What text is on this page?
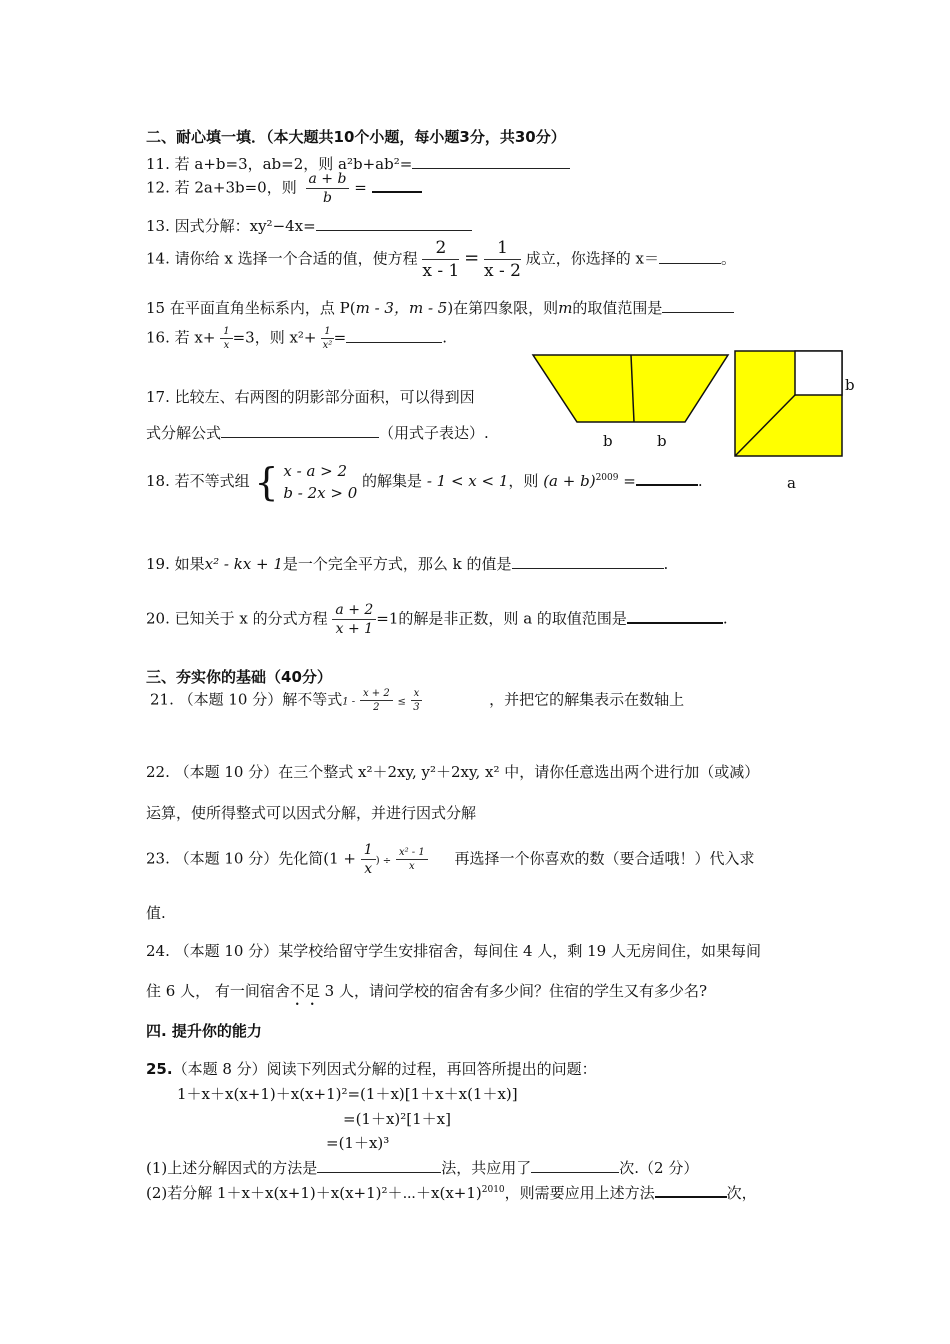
二、耐心填一填．（本大题共10个小题，每小题3分，共30分）
11. 若 a+b=3，ab=2，则 a²b+ab²=
12. 若 2a+3b=0，则 $\frac{a + b}{b}$ =
13. 因式分解：xy²−4x=
14. 请你给 x 选择一个合适的值，使方程 $\frac{2}{x - 1} = \frac{1}{x - 2}$ 成立，你选择的 x＝	。
15 在平面直角坐标系内，点 P(m - 3，m - 5)在第四象限，则m的取值范围是
16. 若 $x+ \frac{1}{x} =3$，则 $x^2+ \frac{1}{\text{x²}}$ =	.
17. 比较左、右两图的阴影部分面积，可以得到因
式分解公式	（用式子表达）.	b	b
b
a
18. 若不等式组 { x - a > 2
b - 2x > 0
的解集是 - 1 < x < 1，则 $(a + b)^{2009}$ =	.
19. 如果x² - kx + 1是一个完全平方式，那么 k 的值是	.
20. 已知关于 x 的分式方程 $\frac{a + 2}{x + 1} =1$的解是非正数，则 a 的取值范围是	.
三、夯实你的基础（40分）
21. （本题 10 分）解不等式$1 - \frac{x + 2}{2} \le \frac{x}{3}$	，并把它的解集表示在数轴上
22. （本题 10 分）在三个整式 x²＋2xy, y²＋2xy, x² 中，请你任意选出两个进行加（或减）
运算，使所得整式可以因式分解，并进行因式分解
23. （本题 10 分）先化简($1 + \frac{1}{x}$ ) ÷ $\frac{\text{x² - 1}}{x}$ 再选择一个你喜欢的数（要合适哦！）代入求
值.
24. （本题 10 分）某学校给留守学生安排宿舍，每间住 4 人，剩 19 人无房间住，如果每间
住 6 人， 有一间宿舍不足 3 人，请问学校的宿舍有多少间？住宿的学生又有多少名?
四. 提升你的能力
25.（本题 8 分）阅读下列因式分解的过程，再回答所提出的问题：
1＋x＋x(x+1)＋x(x+1)²=(1＋x)[1＋x＋x(1＋x)]
=(1＋x)²[1＋x]
=(1＋x)³
(1)上述分解因式的方法是	法，共应用了	次.（2 分）
(2)若分解 $1+x+x(x+1)+x(x+1)^2+\cdots+x(x+1)^{2010}$，则需要应用上述方法	次，
